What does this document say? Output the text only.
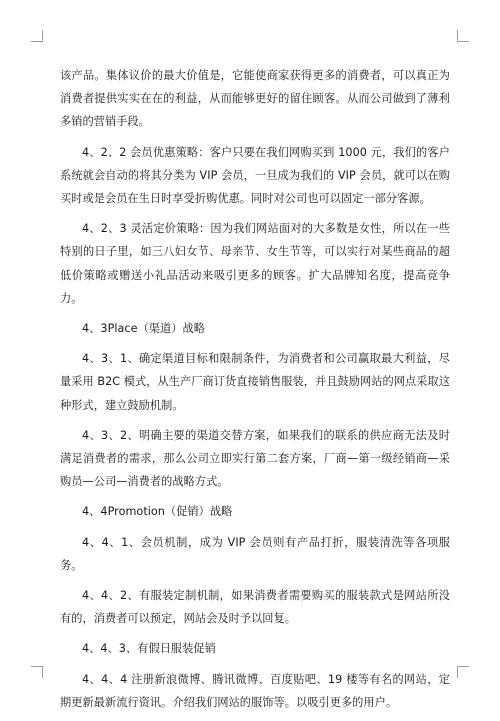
该产品。集体议价的最大价值是，它能使商家获得更多的消费者，可以真正为消费者提供实实在在的利益，从而能够更好的留住顾客。从而公司做到了薄利多销的营销手段。

4、2、2 会员优惠策略：客户只要在我们网购买到 1000 元，我们的客户系统就会自动的将其分类为 VIP 会员，一旦成为我们的 VIP 会员，就可以在购买时或是会员在生日时享受折购优惠。同时对公司也可以固定一部分客源。

4、2、3 灵活定价策略：因为我们网站面对的大多数是女性，所以在一些特别的日子里，如三八妇女节、母亲节、女生节等，可以实行对某些商品的超低价策略或赠送小礼品活动来吸引更多的顾客。扩大品牌知名度，提高竞争力。

4、3Place（渠道）战略

4、3、1、确定渠道目标和限制条件，为消费者和公司赢取最大利益，尽量采用 B2C 模式，从生产厂商订货直接销售服装，并且鼓励网站的网点采取这种形式，建立鼓励机制。

4、3、2、明确主要的渠道交替方案，如果我们的联系的供应商无法及时满足消费者的需求，那么公司立即实行第二套方案，厂商—第一级经销商—采购员—公司—消费者的战略方式。

4、4Promotion（促销）战略

4、4、1、会员机制，成为 VIP 会员则有产品打折，服装清洗等各项服务。

4、4、2、有服装定制机制，如果消费者需要购买的服装款式是网站所没有的，消费者可以预定，网站会及时予以回复。

4、4、3、有假日服装促销

4、4、4 注册新浪微博、腾讯微博、百度贴吧、19 楼等有名的网站，定期更新最新流行资讯。介绍我们网站的服饰等。以吸引更多的用户。
